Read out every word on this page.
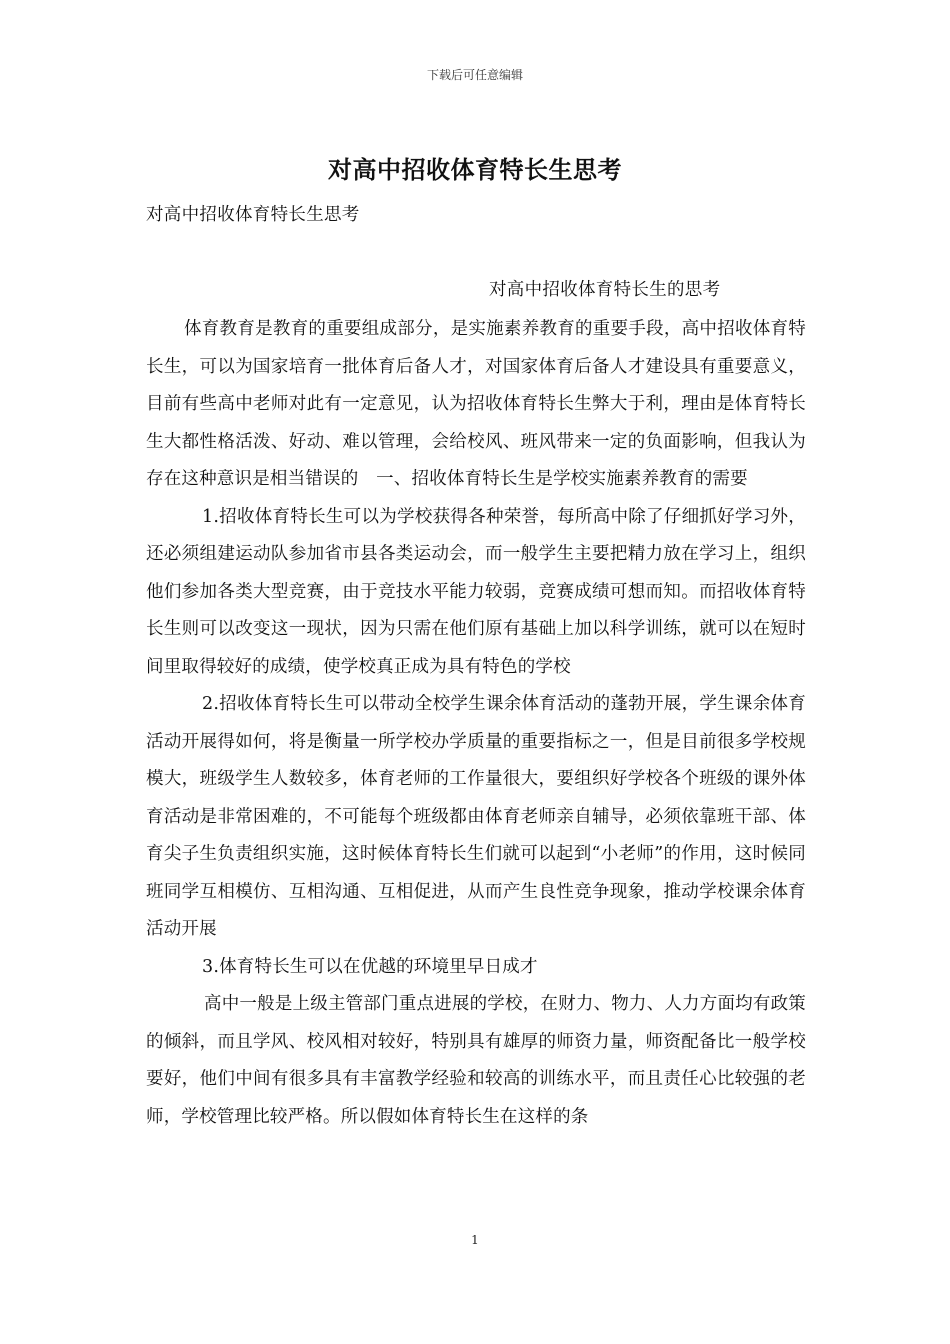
下载后可任意编辑
对高中招收体育特长生思考
对高中招收体育特长生思考
对高中招收体育特长生的思考

体育教育是教育的重要组成部分，是实施素养教育的重要手段，高中招收体育特长生，可以为国家培育一批体育后备人才，对国家体育后备人才建设具有重要意义，目前有些高中老师对此有一定意见，认为招收体育特长生弊大于利，理由是体育特长生大都性格活泼、好动、难以管理，会给校风、班风带来一定的负面影响，但我认为存在这种意识是相当错误的　一、招收体育特长生是学校实施素养教育的需要

1.招收体育特长生可以为学校获得各种荣誉，每所高中除了仔细抓好学习外，还必须组建运动队参加省市县各类运动会，而一般学生主要把精力放在学习上，组织他们参加各类大型竞赛，由于竞技水平能力较弱，竞赛成绩可想而知。而招收体育特长生则可以改变这一现状，因为只需在他们原有基础上加以科学训练，就可以在短时间里取得较好的成绩，使学校真正成为具有特色的学校

2.招收体育特长生可以带动全校学生课余体育活动的蓬勃开展，学生课余体育活动开展得如何，将是衡量一所学校办学质量的重要指标之一，但是目前很多学校规模大，班级学生人数较多，体育老师的工作量很大，要组织好学校各个班级的课外体育活动是非常困难的，不可能每个班级都由体育老师亲自辅导，必须依靠班干部、体育尖子生负责组织实施，这时候体育特长生们就可以起到“小老师”的作用，这时候同班同学互相模仿、互相沟通、互相促进，从而产生良性竞争现象，推动学校课余体育活动开展

3.体育特长生可以在优越的环境里早日成才

高中一般是上级主管部门重点进展的学校，在财力、物力、人力方面均有政策的倾斜，而且学风、校风相对较好，特别具有雄厚的师资力量，师资配备比一般学校要好，他们中间有很多具有丰富教学经验和较高的训练水平，而且责任心比较强的老师，学校管理比较严格。所以假如体育特长生在这样的条

1
